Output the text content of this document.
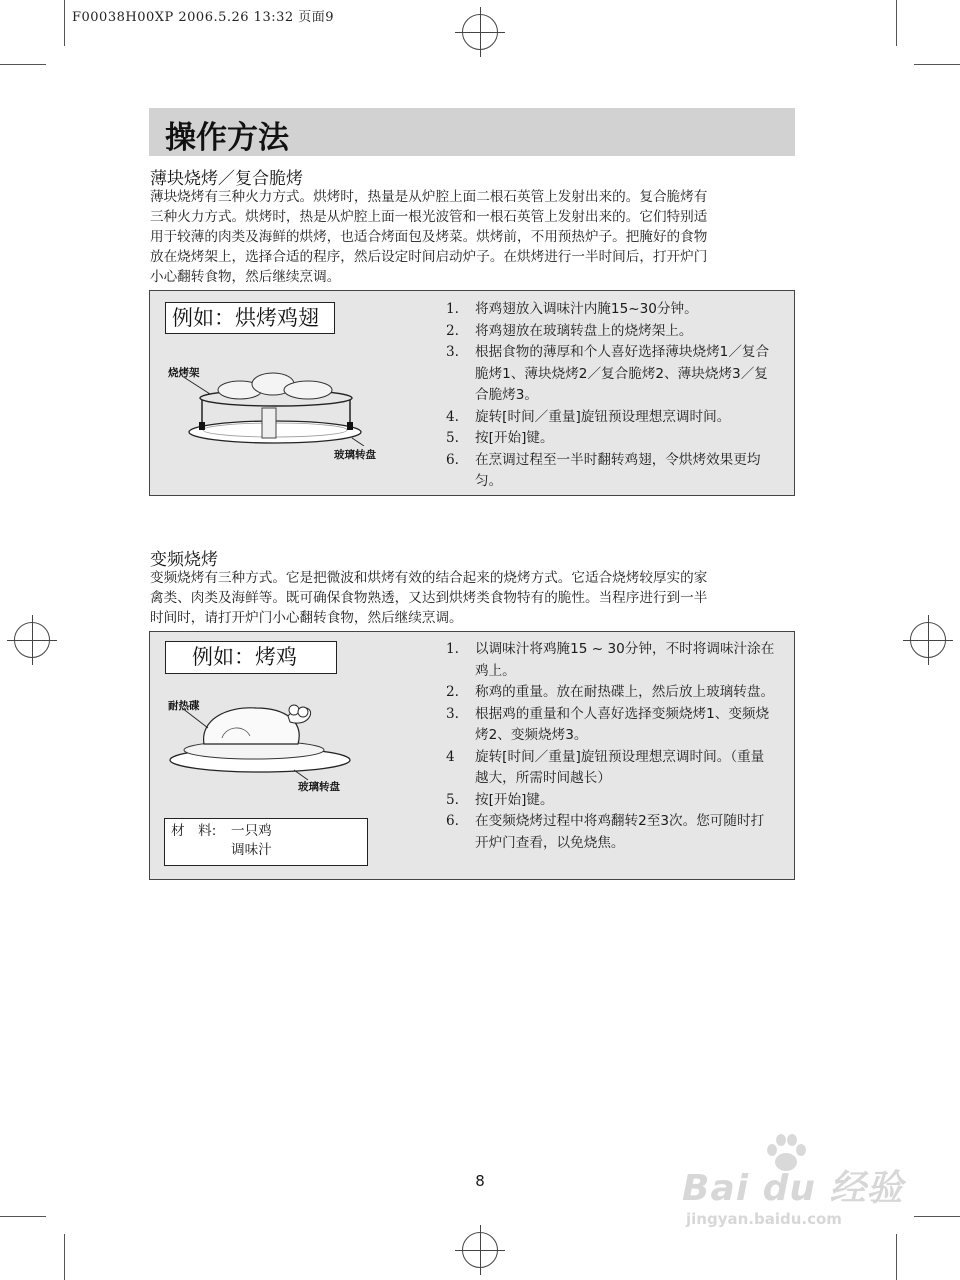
F00038H00XP 2006.5.26 13:32 页面9
操作方法
薄块烧烤／复合脆烤
薄块烧烤有三种火力方式。烘烤时，热量是从炉腔上面二根石英管上发射出来的。复合脆烤有
三种火力方式。烘烤时，热是从炉腔上面一根光波管和一根石英管上发射出来的。它们特别适
用于较薄的肉类及海鲜的烘烤，也适合烤面包及烤菜。烘烤前，不用预热炉子。把腌好的食物
放在烧烤架上，选择合适的程序，然后设定时间启动炉子。在烘烤进行一半时间后，打开炉门
小心翻转食物，然后继续烹调。
例如：烘烤鸡翅
烧烤架
玻璃转盘
1. 将鸡翅放入调味汁内腌15~30分钟。
2. 将鸡翅放在玻璃转盘上的烧烤架上。
3. 根据食物的薄厚和个人喜好选择薄块烧烤1／复合脆烤1、薄块烧烤2／复合脆烤2、薄块烧烤3／复合脆烤3。
4. 旋转[时间／重量]旋钮预设理想烹调时间。
5. 按[开始]键。
6. 在烹调过程至一半时翻转鸡翅，令烘烤效果更均匀。
变频烧烤
变频烧烤有三种方式。它是把微波和烘烤有效的结合起来的烧烤方式。它适合烧烤较厚实的家
禽类、肉类及海鲜等。既可确保食物熟透，又达到烘烤类食物特有的脆性。当程序进行到一半
时间时，请打开炉门小心翻转食物，然后继续烹调。
例如：烤鸡
耐热碟
玻璃转盘
材　料: 一只鸡
调味汁
1. 以调味汁将鸡腌15 ~ 30分钟，不时将调味汁涂在鸡上。
2. 称鸡的重量。放在耐热碟上，然后放上玻璃转盘。
3. 根据鸡的重量和个人喜好选择变频烧烤1、变频烧烤2、变频烧烤3。
4 旋转[时间／重量]旋钮预设理想烹调时间。（重量越大，所需时间越长）
5. 按[开始]键。
6. 在变频烧烤过程中将鸡翻转2至3次。您可随时打开炉门查看，以免烧焦。
8	Bai du 经验
jingyan.baidu.com
